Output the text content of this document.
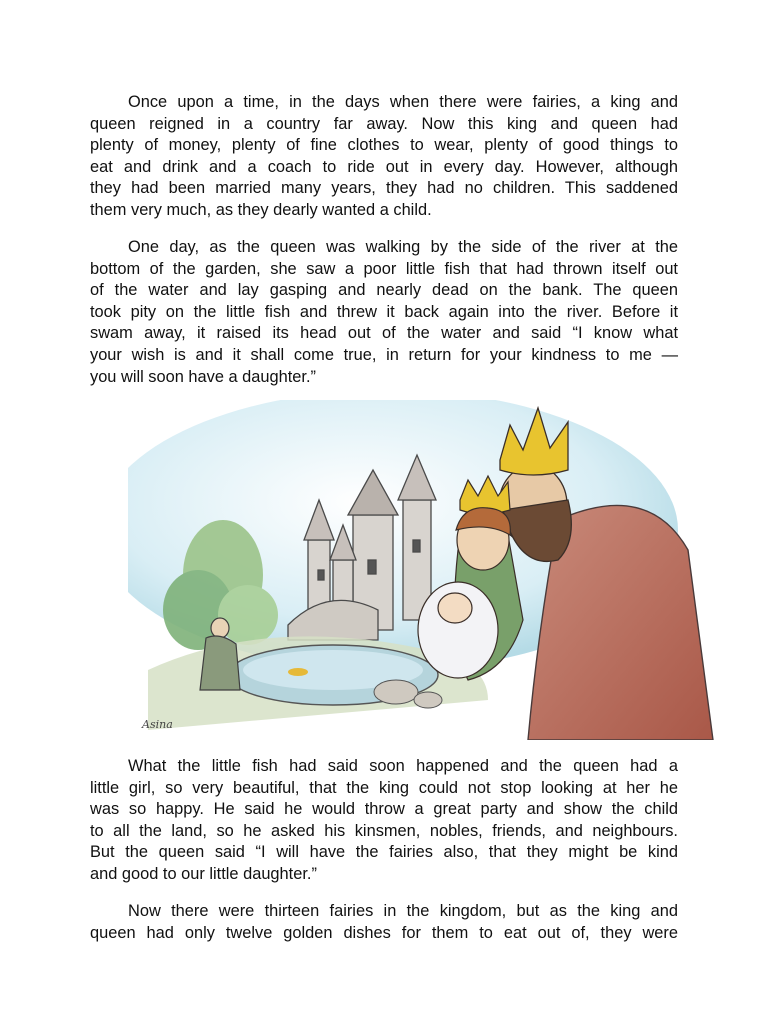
Once upon a time, in the days when there were fairies, a king and
queen reigned in a country far away. Now this king and queen had
plenty of money, plenty of fine clothes to wear, plenty of good things to
eat and drink and a coach to ride out in every day. However, although
they had been married many years, they had no children. This saddened
them very much, as they dearly wanted a child.

One day, as the queen was walking by the side of the river at the
bottom of the garden, she saw a poor little fish that had thrown itself out
of the water and lay gasping and nearly dead on the bank. The queen
took pity on the little fish and threw it back again into the river. Before it
swam away, it raised its head out of the water and said “I know what
your wish is and it shall come true, in return for your kindness to me —
you will soon have a daughter.”

Asina

What the little fish had said soon happened and the queen had a
little girl, so very beautiful, that the king could not stop looking at her he
was so happy. He said he would throw a great party and show the child
to all the land, so he asked his kinsmen, nobles, friends, and neighbours.
But the queen said “I will have the fairies also, that they might be kind
and good to our little daughter.”

Now there were thirteen fairies in the kingdom, but as the king and
queen had only twelve golden dishes for them to eat out of, they were
